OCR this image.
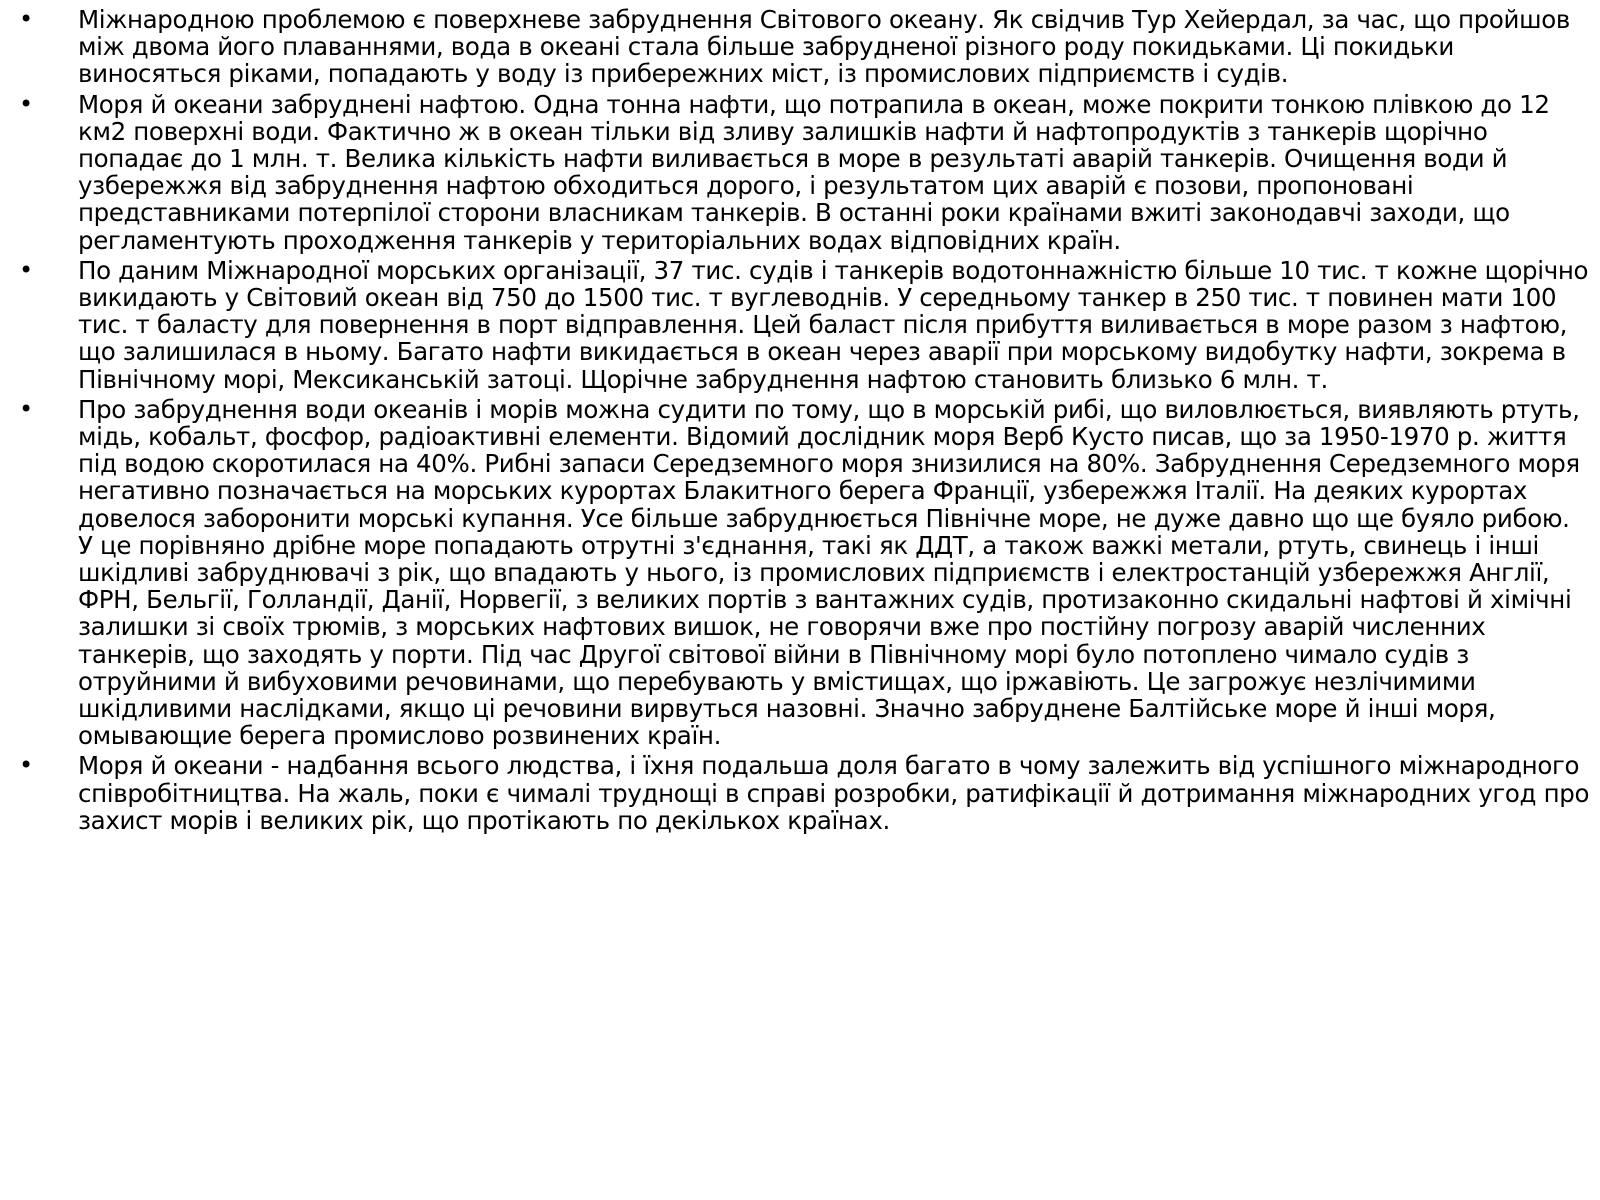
• Міжнародною проблемою є поверхневе забруднення Світового океану. Як свідчив Тур Хейердал, за час, що пройшов між двома його плаваннями, вода в океані стала більше забрудненої різного роду покидьками. Ці покидьки виносяться ріками, попадають у воду із прибережних міст, із промислових підприємств і судів.
• Моря й океани забруднені нафтою. Одна тонна нафти, що потрапила в океан, може покрити тонкою плівкою до 12 км2 поверхні води. Фактично ж в океан тільки від зливу залишків нафти й нафтопродуктів з танкерів щорічно попадає до 1 млн. т. Велика кількість нафти виливається в море в результаті аварій танкерів. Очищення води й узбережжя від забруднення нафтою обходиться дорого, і результатом цих аварій є позови, пропоновані представниками потерпілої сторони власникам танкерів. В останні роки країнами вжиті законодавчі заходи, що регламентують проходження танкерів у територіальних водах відповідних країн.
• По даним Міжнародної морських організації, 37 тис. судів і танкерів водотоннажністю більше 10 тис. т кожне щорічно викидають у Світовий океан від 750 до 1500 тис. т вуглеводнів. У середньому танкер в 250 тис. т повинен мати 100 тис. т баласту для повернення в порт відправлення. Цей баласт після прибуття виливається в море разом з нафтою, що залишилася в ньому. Багато нафти викидається в океан через аварії при морському видобутку нафти, зокрема в Північному морі, Мексиканській затоці. Щорічне забруднення нафтою становить близько 6 млн. т.
• Про забруднення води океанів і морів можна судити по тому, що в морській рибі, що виловлюється, виявляють ртуть, мідь, кобальт, фосфор, радіоактивні елементи. Відомий дослідник моря Верб Кусто писав, що за 1950-1970 р. життя під водою скоротилася на 40%. Рибні запаси Середземного моря знизилися на 80%. Забруднення Середземного моря негативно позначається на морських курортах Блакитного берега Франції, узбережжя Італії. На деяких курортах довелося заборонити морські купання. Усе більше забруднюється Північне море, не дуже давно що ще буяло рибою. У це порівняно дрібне море попадають отрутні з'єднання, такі як ДДТ, а також важкі метали, ртуть, свинець і інші шкідливі забруднювачі з рік, що впадають у нього, із промислових підприємств і електростанцій узбережжя Англії, ФРН, Бельгії, Голландії, Данії, Норвегії, з великих портів з вантажних судів, протизаконно скидальні нафтові й хімічні залишки зі своїх трюмів, з морських нафтових вишок, не говорячи вже про постійну погрозу аварій численних танкерів, що заходять у порти. Під час Другої світової війни в Північному морі було потоплено чимало судів з отруйними й вибуховими речовинами, що перебувають у вмістищах, що іржавіють. Це загрожує незлічимими шкідливими наслідками, якщо ці речовини вирвуться назовні. Значно забруднене Балтійське море й інші моря, омывающие берега промислово розвинених країн.
• Моря й океани - надбання всього людства, і їхня подальша доля багато в чому залежить від успішного міжнародного співробітництва. На жаль, поки є чималі труднощі в справі розробки, ратифікації й дотримання міжнародних угод про захист морів і великих рік, що протікають по декількох країнах.
